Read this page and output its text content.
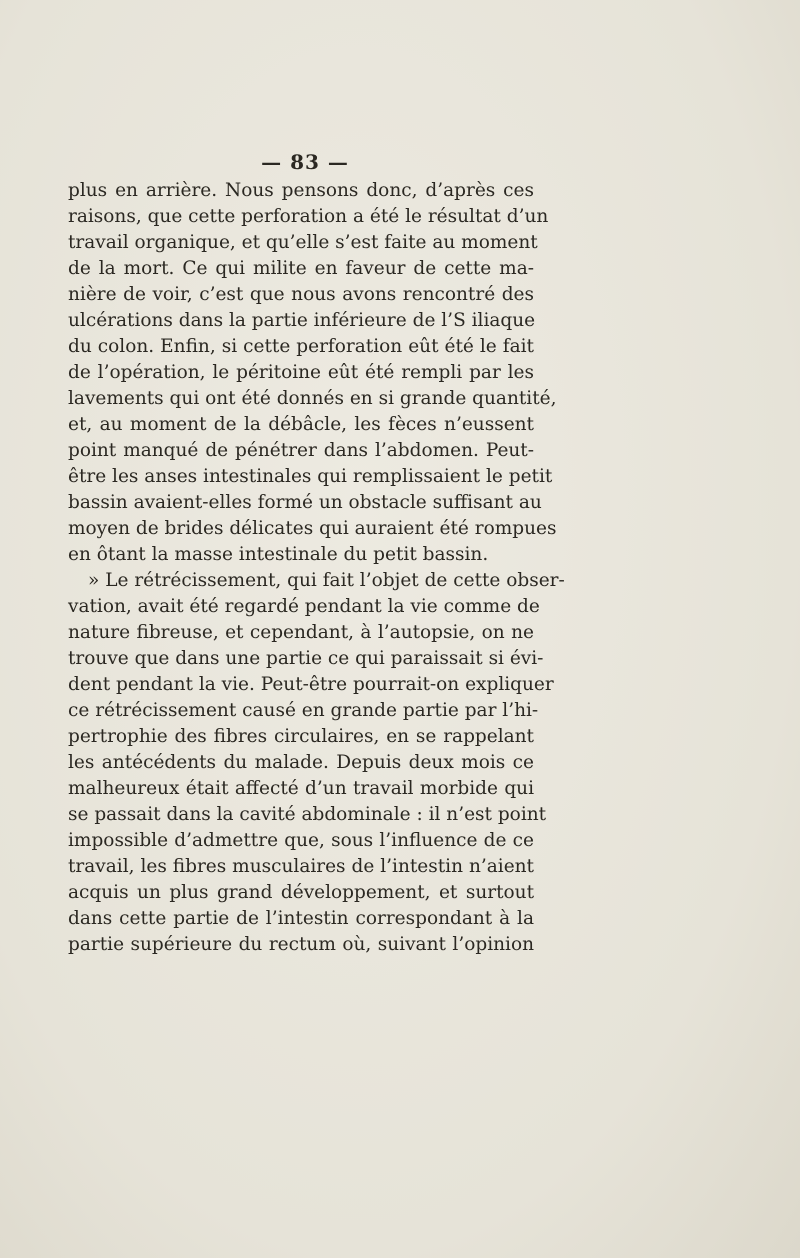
— 83 —
plus en arrière. Nous pensons donc, d’après ces
raisons, que cette perforation a été le résultat d’un
travail organique, et qu’elle s’est faite au moment
de la mort. Ce qui milite en faveur de cette ma-
nière de voir, c’est que nous avons rencontré des
ulcérations dans la partie inférieure de l’S iliaque
du colon. Enfin, si cette perforation eût été le fait
de l’opération, le péritoine eût été rempli par les
lavements qui ont été donnés en si grande quantité,
et, au moment de la débâcle, les fèces n’eussent
point manqué de pénétrer dans l’abdomen. Peut-
être les anses intestinales qui remplissaient le petit
bassin avaient-elles formé un obstacle suffisant au
moyen de brides délicates qui auraient été rompues
en ôtant la masse intestinale du petit bassin.
» Le rétrécissement, qui fait l’objet de cette obser-
vation, avait été regardé pendant la vie comme de
nature fibreuse, et cependant, à l’autopsie, on ne
trouve que dans une partie ce qui paraissait si évi-
dent pendant la vie. Peut-être pourrait-on expliquer
ce rétrécissement causé en grande partie par l’hi-
pertrophie des fibres circulaires, en se rappelant
les antécédents du malade. Depuis deux mois ce
malheureux était affecté d’un travail morbide qui
se passait dans la cavité abdominale : il n’est point
impossible d’admettre que, sous l’influence de ce
travail, les fibres musculaires de l’intestin n’aient
acquis un plus grand développement, et surtout
dans cette partie de l’intestin correspondant à la
partie supérieure du rectum où, suivant l’opinion
